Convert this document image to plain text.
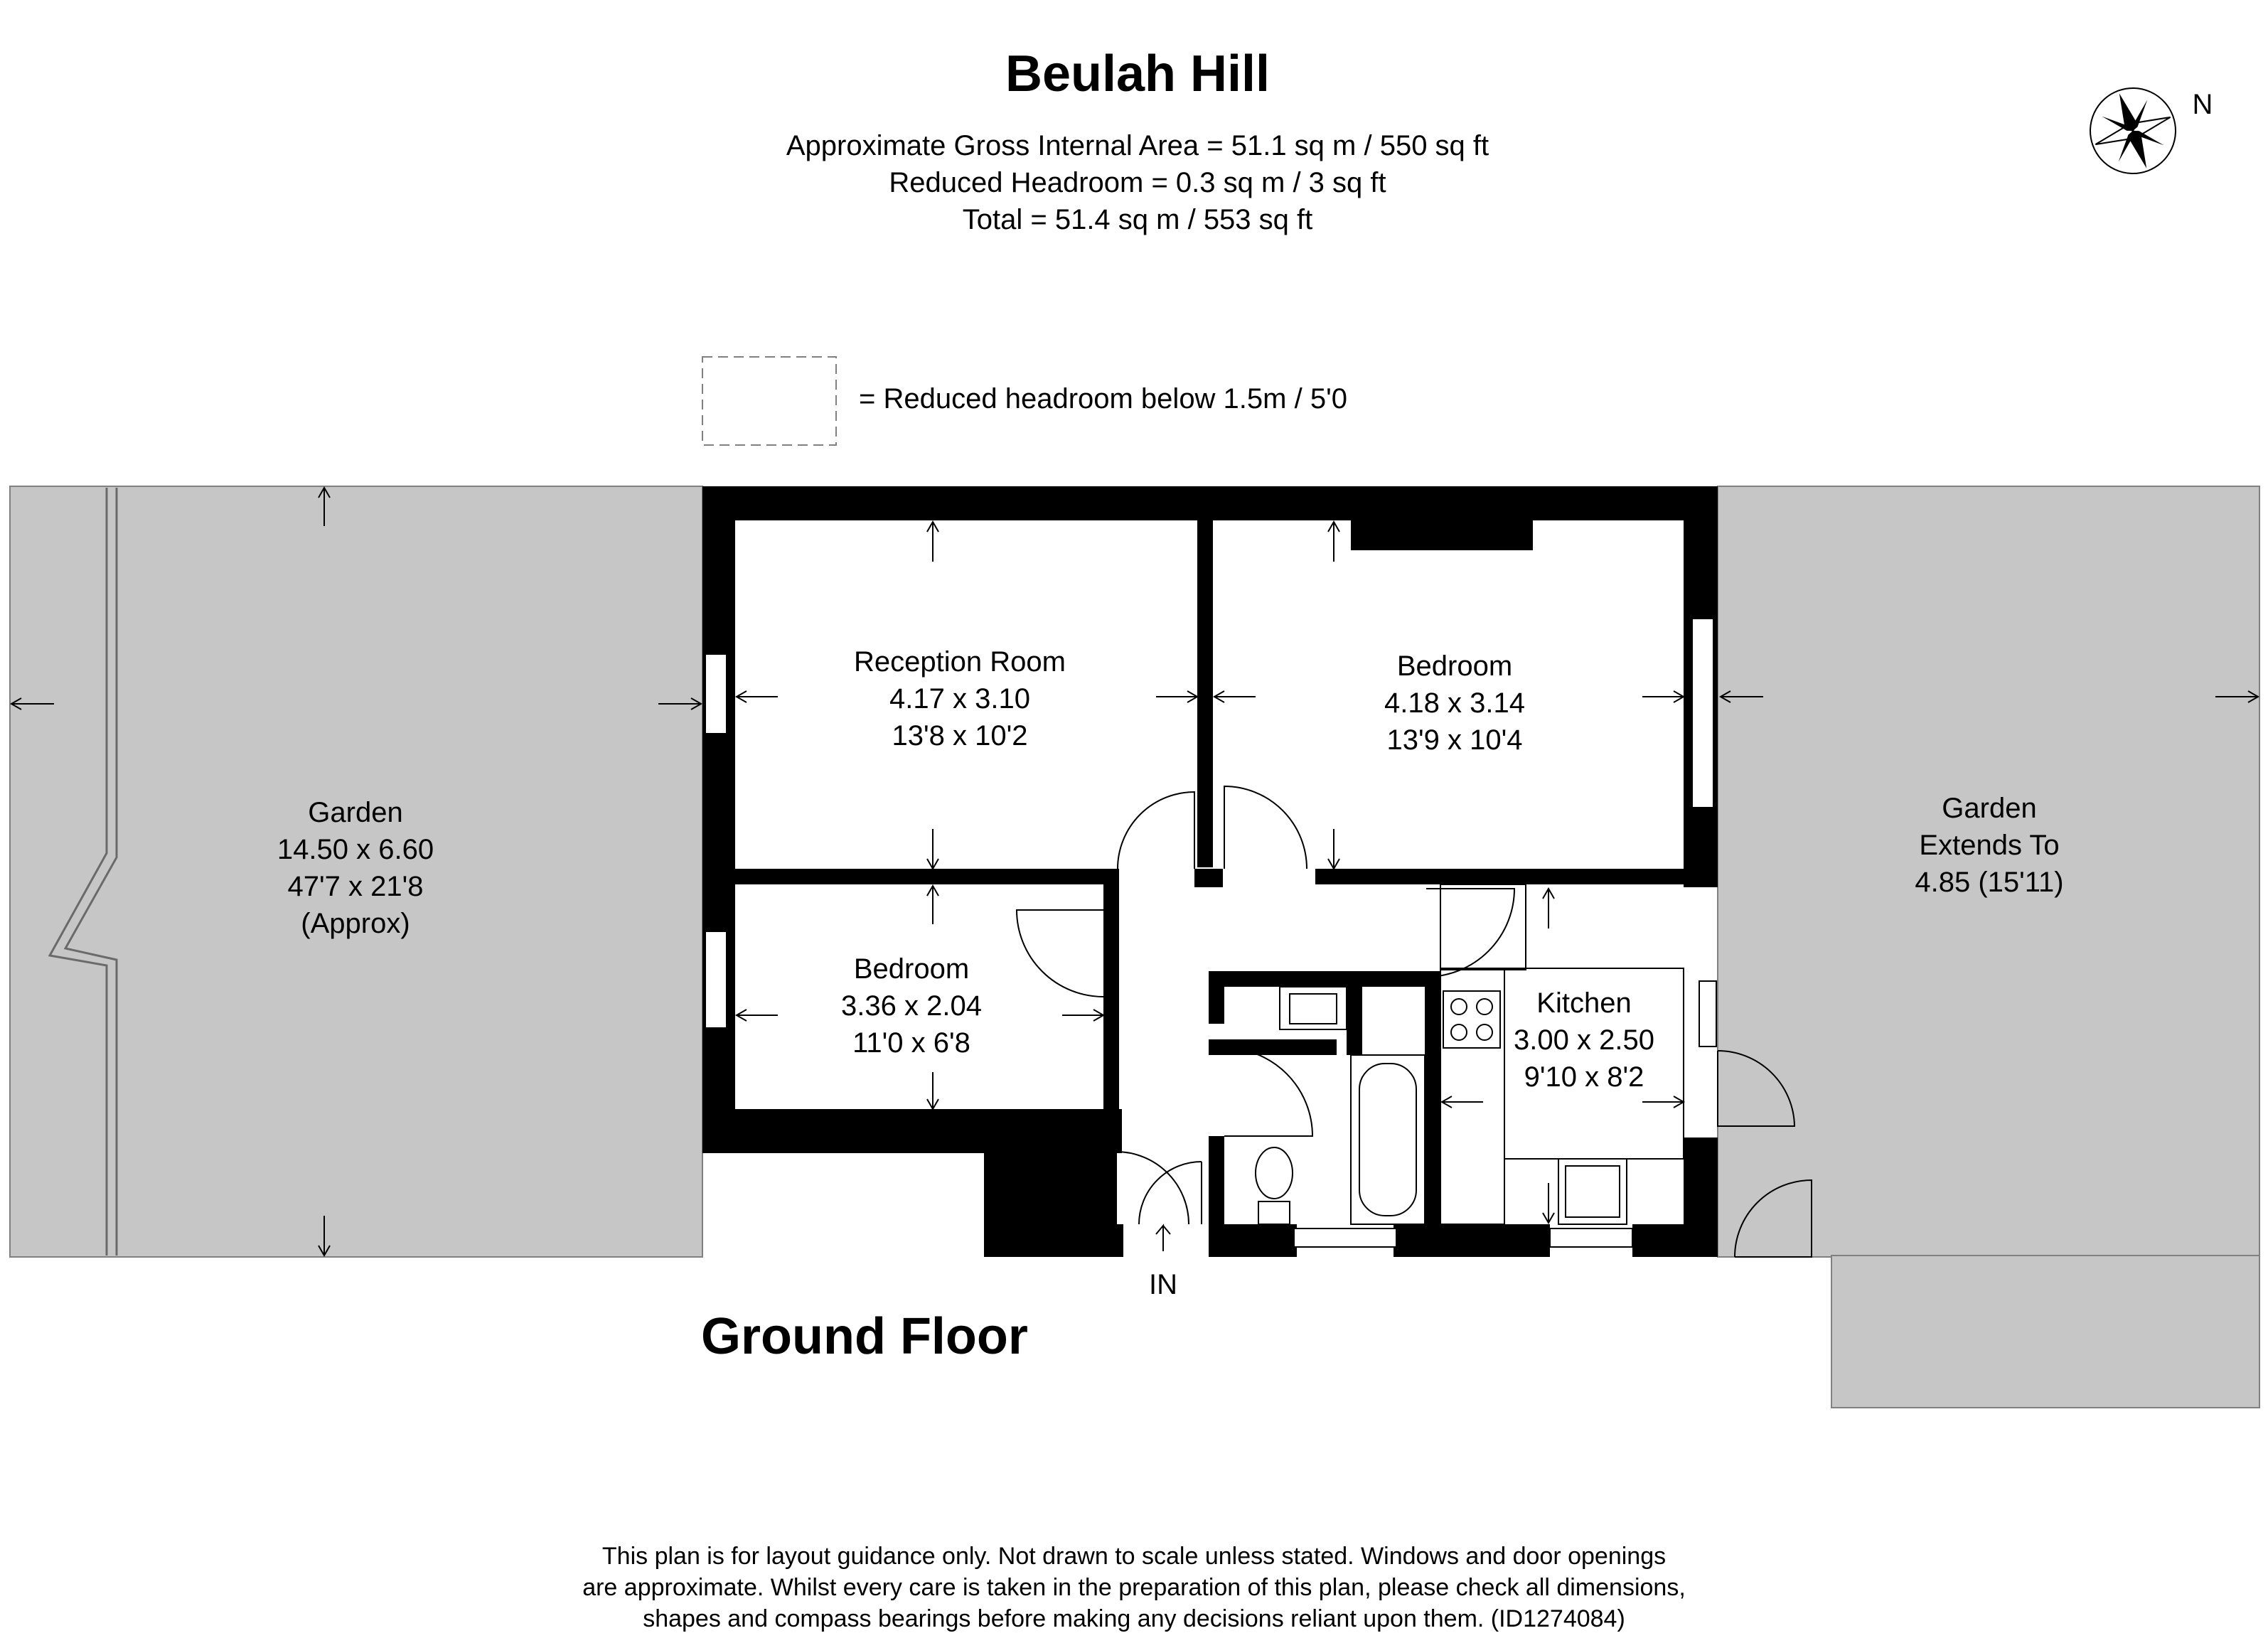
Beulah Hill
Approximate Gross Internal Area = 51.1 sq m / 550 sq ft
Reduced Headroom = 0.3 sq m / 3 sq ft
Total = 51.4 sq m / 553 sq ft
N
= Reduced headroom below 1.5m / 5'0
Garden
14.50 x 6.60
47'7 x 21'8
(Approx)
Reception Room
4.17 x 3.10
13'8 x 10'2
Bedroom
4.18 x 3.14
13'9 x 10'4
Bedroom
3.36 x 2.04
11'0 x 6'8
Kitchen
3.00 x 2.50
9'10 x 8'2
Garden
Extends To
4.85 (15'11)
IN
Ground Floor
This plan is for layout guidance only. Not drawn to scale unless stated. Windows and door openings
are approximate. Whilst every care is taken in the preparation of this plan, please check all dimensions,
shapes and compass bearings before making any decisions reliant upon them. (ID1274084)
